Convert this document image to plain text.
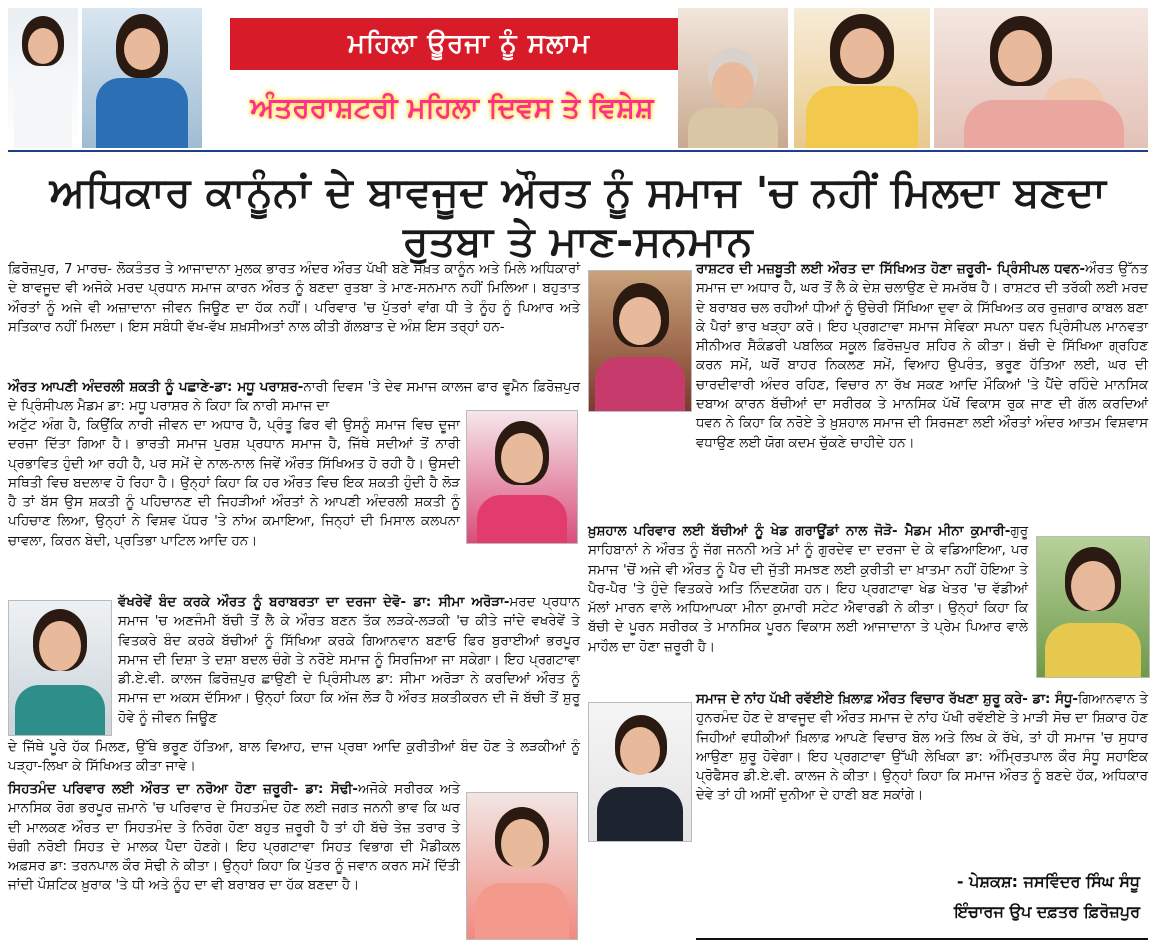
ਮਹਿਲਾ ਊਰਜਾ ਨੂੰ ਸਲਾਮ
ਅੰਤਰਰਾਸ਼ਟਰੀ ਮਹਿਲਾ ਦਿਵਸ ਤੇ ਵਿਸ਼ੇਸ਼
ਅਧਿਕਾਰ ਕਾਨੂੰਨਾਂ ਦੇ ਬਾਵਜੂਦ ਔਰਤ ਨੂੰ ਸਮਾਜ 'ਚ ਨਹੀਂ ਮਿਲਦਾ ਬਣਦਾ ਰੁਤਬਾ ਤੇ ਮਾਣ-ਸਨਮਾਨ

ਫ਼ਿਰੋਜ਼ਪੁਰ, 7 ਮਾਰਚ- ਲੋਕਤੰਤਰ ਤੇ ਆਜਾਦਾਨਾ ਮੁਲਕ ਭਾਰਤ ਅੰਦਰ ਔਰਤ ਪੱਖੀ ਬਣੇ ਸਖ਼ਤ ਕਾਨੂੰਨ ਅਤੇ ਮਿਲੇ ਅਧਿਕਾਰਾਂ ਦੇ ਬਾਵਜੂਦ ਵੀ ਅਜੋਕੇ ਮਰਦ ਪ੍ਰਧਾਨ ਸਮਾਜ ਕਾਰਨ ਔਰਤ ਨੂੰ ਬਣਦਾ ਰੁਤਬਾ ਤੇ ਮਾਣ-ਸਨਮਾਨ ਨਹੀਂ ਮਿਲਿਆ। ਬਹੁਤਾਤ ਔਰਤਾਂ ਨੂੰ ਅਜੇ ਵੀ ਅਜ਼ਾਦਾਨਾ ਜੀਵਨ ਜਿਊਣ ਦਾ ਹੱਕ ਨਹੀਂ। ਪਰਿਵਾਰ 'ਚ ਪੁੱਤਰਾਂ ਵਾਂਗ ਧੀ ਤੇ ਨੂੰਹ ਨੂੰ ਪਿਆਰ ਅਤੇ ਸਤਿਕਾਰ ਨਹੀਂ ਮਿਲਦਾ। ਇਸ ਸਬੰਧੀ ਵੱਖ-ਵੱਖ ਸ਼ਖ਼ਸੀਅਤਾਂ ਨਾਲ ਕੀਤੀ ਗੱਲਬਾਤ ਦੇ ਅੰਸ਼ ਇਸ ਤਰ੍ਹਾਂ ਹਨ-

ਔਰਤ ਆਪਣੀ ਅੰਦਰਲੀ ਸ਼ਕਤੀ ਨੂੰ ਪਛਾਣੇ-ਡਾ: ਮਧੂ ਪਰਾਸ਼ਰ-ਨਾਰੀ ਦਿਵਸ 'ਤੇ ਦੇਵ ਸਮਾਜ ਕਾਲਜ ਫਾਰ ਵੂਮੈਨ ਫ਼ਿਰੋਜ਼ਪੁਰ ਦੇ ਪ੍ਰਿੰਸੀਪਲ ਮੈਡਮ ਡਾ: ਮਧੂ ਪਰਾਸ਼ਰ ਨੇ ਕਿਹਾ ਕਿ ਨਾਰੀ ਸਮਾਜ ਦਾ

ਅਟੁੱਟ ਅੰਗ ਹੈ, ਕਿਉਂਕਿ ਨਾਰੀ ਜੀਵਨ ਦਾ ਅਧਾਰ ਹੈ, ਪ੍ਰੰਤੂ ਫਿਰ ਵੀ ਉਸਨੂੰ ਸਮਾਜ ਵਿਚ ਦੂਜਾ ਦਰਜਾ ਦਿੱਤਾ ਗਿਆ ਹੈ। ਭਾਰਤੀ ਸਮਾਜ ਪੁਰਸ਼ ਪ੍ਰਧਾਨ ਸਮਾਜ ਹੈ, ਜਿੱਥੇ ਸਦੀਆਂ ਤੋਂ ਨਾਰੀ ਪ੍ਰਭਾਵਿਤ ਹੁੰਦੀ ਆ ਰਹੀ ਹੈ, ਪਰ ਸਮੇਂ ਦੇ ਨਾਲ-ਨਾਲ ਜਿਵੇਂ ਔਰਤ ਸਿੱਖਿਅਤ ਹੋ ਰਹੀ ਹੈ। ਉਸਦੀ ਸਥਿਤੀ ਵਿਚ ਬਦਲਾਵ ਹੋ ਰਿਹਾ ਹੈ। ਉਨ੍ਹਾਂ ਕਿਹਾ ਕਿ ਹਰ ਔਰਤ ਵਿਚ ਇਕ ਸ਼ਕਤੀ ਹੁੰਦੀ ਹੈ ਲੋੜ ਹੈ ਤਾਂ ਬੱਸ ਉਸ ਸ਼ਕਤੀ ਨੂੰ ਪਹਿਚਾਨਣ ਦੀ ਜਿਹੜੀਆਂ ਔਰਤਾਂ ਨੇ ਆਪਣੀ ਅੰਦਰਲੀ ਸ਼ਕਤੀ ਨੂੰ ਪਹਿਚਾਣ ਲਿਆ, ਉਨ੍ਹਾਂ ਨੇ ਵਿਸ਼ਵ ਪੱਧਰ 'ਤੇ ਨਾਂਅ ਕਮਾਇਆ, ਜਿਨ੍ਹਾਂ ਦੀ ਮਿਸਾਲ ਕਲਪਨਾ ਚਾਵਲਾ, ਕਿਰਨ ਬੇਦੀ, ਪ੍ਰਤਿਭਾ ਪਾਟਿਲ ਆਦਿ ਹਨ।

ਵੱਖਰੇਵੇਂ ਬੰਦ ਕਰਕੇ ਔਰਤ ਨੂੰ ਬਰਾਬਰਤਾ ਦਾ ਦਰਜਾ ਦੇਵੋ- ਡਾ: ਸੀਮਾ ਅਰੋੜਾ-ਮਰਦ ਪ੍ਰਧਾਨ ਸਮਾਜ 'ਚ ਅਣਜੰਮੀ ਬੱਚੀ ਤੋਂ ਲੈ ਕੇ ਔਰਤ ਬਣਨ ਤੱਕ ਲੜਕੇ-ਲੜਕੀ 'ਚ ਕੀਤੇ ਜਾਂਦੇ ਵਖਰੇਵੇਂ ਤੇ ਵਿਤਕਰੇ ਬੰਦ ਕਰਕੇ ਬੱਚੀਆਂ ਨੂੰ ਸਿੱਖਿਆ ਕਰਕੇ ਗਿਆਨਵਾਨ ਬਣਾਓ ਫਿਰ ਬੁਰਾਈਆਂ ਭਰਪੂਰ ਸਮਾਜ ਦੀ ਦਿਸ਼ਾ ਤੇ ਦਸ਼ਾ ਬਦਲ ਚੰਗੇ ਤੇ ਨਰੋਏ ਸਮਾਜ ਨੂੰ ਸਿਰਜਿਆ ਜਾ ਸਕੇਗਾ। ਇਹ ਪ੍ਰਗਟਾਵਾ ਡੀ.ਏ.ਵੀ. ਕਾਲਜ ਫ਼ਿਰੋਜ਼ਪੁਰ ਛਾਉਣੀ ਦੇ ਪ੍ਰਿੰਸੀਪਲ ਡਾ: ਸੀਮਾ ਅਰੋੜਾ ਨੇ ਕਰਦਿਆਂ ਔਰਤ ਨੂੰ ਸਮਾਜ ਦਾ ਅਕਸ ਦੱਸਿਆ। ਉਨ੍ਹਾਂ ਕਿਹਾ ਕਿ ਅੱਜ ਲੋੜ ਹੈ ਔਰਤ ਸ਼ਕਤੀਕਰਨ ਦੀ ਜੋ ਬੱਚੀ ਤੋਂ ਸ਼ੁਰੂ ਹੋਵੇ ਨੂੰ ਜੀਵਨ ਜਿਊਣ

ਦੇ ਜਿੱਥੇ ਪੂਰੇ ਹੱਕ ਮਿਲਣ, ਉੱਥੇ ਭਰੂਣ ਹੱਤਿਆ, ਬਾਲ ਵਿਆਹ, ਦਾਜ ਪ੍ਰਥਾ ਆਦਿ ਕੁਰੀਤੀਆਂ ਬੰਦ ਹੋਣ ਤੇ ਲੜਕੀਆਂ ਨੂੰ ਪੜ੍ਹਾ-ਲਿਖਾ ਕੇ ਸਿੱਖਿਅਤ ਕੀਤਾ ਜਾਵੇ।

ਸਿਹਤਮੰਦ ਪਰਿਵਾਰ ਲਈ ਔਰਤ ਦਾ ਨਰੋਆ ਹੋਣਾ ਜ਼ਰੂਰੀ- ਡਾ: ਸੋਢੀ-ਅਜੋਕੇ ਸਰੀਰਕ ਅਤੇ ਮਾਨਸਿਕ ਰੋਗ ਭਰਪੂਰ ਜ਼ਮਾਨੇ 'ਚ ਪਰਿਵਾਰ ਦੇ ਸਿਹਤਮੰਦ ਹੋਣ ਲਈ ਜਗਤ ਜਨਨੀ ਭਾਵ ਕਿ ਘਰ ਦੀ ਮਾਲਕਣ ਔਰਤ ਦਾ ਸਿਹਤਮੰਦ ਤੇ ਨਿਰੋਗ ਹੋਣਾ ਬਹੁਤ ਜ਼ਰੂਰੀ ਹੈ ਤਾਂ ਹੀ ਬੱਚੇ ਤੇਜ਼ ਤਰਾਰ ਤੇ ਚੰਗੀ ਨਰੋਈ ਸਿਹਤ ਦੇ ਮਾਲਕ ਪੈਦਾ ਹੋਣਗੇ। ਇਹ ਪ੍ਰਗਟਾਵਾ ਸਿਹਤ ਵਿਭਾਗ ਦੀ ਮੈਡੀਕਲ ਅਫ਼ਸਰ ਡਾ: ਤਰਨਪਾਲ ਕੌਰ ਸੋਢੀ ਨੇ ਕੀਤਾ। ਉਨ੍ਹਾਂ ਕਿਹਾ ਕਿ ਪੁੱਤਰ ਨੂੰ ਜਵਾਨ ਕਰਨ ਸਮੇਂ ਦਿੱਤੀ ਜਾਂਦੀ ਪੌਸ਼ਟਿਕ ਖ਼ੁਰਾਕ 'ਤੇ ਧੀ ਅਤੇ ਨੂੰਹ ਦਾ ਵੀ ਬਰਾਬਰ ਦਾ ਹੱਕ ਬਣਦਾ ਹੈ।

ਰਾਸ਼ਟਰ ਦੀ ਮਜ਼ਬੂਤੀ ਲਈ ਔਰਤ ਦਾ ਸਿੱਖਿਅਤ ਹੋਣਾ ਜ਼ਰੂਰੀ- ਪ੍ਰਿੰਸੀਪਲ ਧਵਨ-ਔਰਤ ਉੱਨਤ ਸਮਾਜ ਦਾ ਅਧਾਰ ਹੈ, ਘਰ ਤੋਂ ਲੈ ਕੇ ਦੇਸ਼ ਚਲਾਉਣ ਦੇ ਸਮਰੱਥ ਹੈ। ਰਾਸ਼ਟਰ ਦੀ ਤਰੱਕੀ ਲਈ ਮਰਦ ਦੇ ਬਰਾਬਰ ਚਲ ਰਹੀਆਂ ਧੀਆਂ ਨੂੰ ਉਚੇਰੀ ਸਿੱਖਿਆ ਦੁਵਾ ਕੇ ਸਿੱਖਿਅਤ ਕਰ ਰੁਜ਼ਗਾਰ ਕਾਬਲ ਬਣਾ ਕੇ ਪੈਰਾਂ ਭਾਰ ਖੜ੍ਹਾ ਕਰੋ। ਇਹ ਪ੍ਰਗਟਾਵਾ ਸਮਾਜ ਸੇਵਿਕਾ ਸਪਨਾ ਧਵਨ ਪ੍ਰਿੰਸੀਪਲ ਮਾਨਵਤਾ ਸੀਨੀਅਰ ਸੈਕੰਡਰੀ ਪਬਲਿਕ ਸਕੂਲ ਫ਼ਿਰੋਜ਼ਪੁਰ ਸ਼ਹਿਰ ਨੇ ਕੀਤਾ। ਬੱਚੀ ਦੇ ਸਿੱਖਿਆ ਗ੍ਰਹਿਣ ਕਰਨ ਸਮੇਂ, ਘਰੋਂ ਬਾਹਰ ਨਿਕਲਣ ਸਮੇਂ, ਵਿਆਹ ਉਪਰੰਤ, ਭਰੂਣ ਹੱਤਿਆ ਲਈ, ਘਰ ਦੀ ਚਾਰਦੀਵਾਰੀ ਅੰਦਰ ਰਹਿਣ, ਵਿਚਾਰ ਨਾ ਰੱਖ ਸਕਣ ਆਦਿ ਮੌਕਿਆਂ 'ਤੇ ਪੈਂਦੇ ਰਹਿੰਦੇ ਮਾਨਸਿਕ ਦਬਾਅ ਕਾਰਨ ਬੱਚੀਆਂ ਦਾ ਸਰੀਰਕ ਤੇ ਮਾਨਸਿਕ ਪੱਖੋਂ ਵਿਕਾਸ ਰੁਕ ਜਾਣ ਦੀ ਗੱਲ ਕਰਦਿਆਂ ਧਵਨ ਨੇ ਕਿਹਾ ਕਿ ਨਰੋਏ ਤੇ ਖ਼ੁਸ਼ਹਾਲ ਸਮਾਜ ਦੀ ਸਿਰਜਣਾ ਲਈ ਔਰਤਾਂ ਅੰਦਰ ਆਤਮ ਵਿਸ਼ਵਾਸ ਵਧਾਉਣ ਲਈ ਯੋਗ ਕਦਮ ਚੁੱਕਣੇ ਚਾਹੀਦੇ ਹਨ।

ਖ਼ੁਸ਼ਹਾਲ ਪਰਿਵਾਰ ਲਈ ਬੱਚੀਆਂ ਨੂੰ ਖੇਡ ਗਰਾਊਂਡਾਂ ਨਾਲ ਜੋੜੋ- ਮੈਡਮ ਮੀਨਾ ਕੁਮਾਰੀ-ਗੁਰੂ ਸਾਹਿਬਾਨਾਂ ਨੇ ਔਰਤ ਨੂੰ ਜੱਗ ਜਨਨੀ ਅਤੇ ਮਾਂ ਨੂੰ ਗੁਰਦੇਵ ਦਾ ਦਰਜਾ ਦੇ ਕੇ ਵਡਿਆਇਆ, ਪਰ ਸਮਾਜ 'ਚੋਂ ਅਜੇ ਵੀ ਔਰਤ ਨੂੰ ਪੈਰ ਦੀ ਜੁੱਤੀ ਸਮਝਣ ਲਈ ਕੁਰੀਤੀ ਦਾ ਖ਼ਾਤਮਾ ਨਹੀਂ ਹੋਇਆ ਤੇ ਪੈਰ-ਪੈਰ 'ਤੇ ਹੁੰਦੇ ਵਿਤਕਰੇ ਅਤਿ ਨਿੰਦਣਯੋਗ ਹਨ। ਇਹ ਪ੍ਰਗਟਾਵਾ ਖੇਡ ਖੇਤਰ 'ਚ ਵੱਡੀਆਂ ਮੱਲਾਂ ਮਾਰਨ ਵਾਲੇ ਅਧਿਆਪਕਾ ਮੀਨਾ ਕੁਮਾਰੀ ਸਟੇਟ ਐਵਾਰਡੀ ਨੇ ਕੀਤਾ। ਉਨ੍ਹਾਂ ਕਿਹਾ ਕਿ ਬੱਚੀ ਦੇ ਪੂਰਨ ਸਰੀਰਕ ਤੇ ਮਾਨਸਿਕ ਪੂਰਨ ਵਿਕਾਸ ਲਈ ਆਜਾਦਾਨਾ ਤੇ ਪ੍ਰੇਮ ਪਿਆਰ ਵਾਲੇ ਮਾਹੌਲ ਦਾ ਹੋਣਾ ਜ਼ਰੂਰੀ ਹੈ।

ਸਮਾਜ ਦੇ ਨਾਂਹ ਪੱਖੀ ਰਵੱਈਏ ਖ਼ਿਲਾਫ਼ ਔਰਤ ਵਿਚਾਰ ਰੱਖਣਾ ਸ਼ੁਰੂ ਕਰੇ- ਡਾ: ਸੰਧੂ-ਗਿਆਨਵਾਨ ਤੇ ਹੁਨਰਮੰਦ ਹੋਣ ਦੇ ਬਾਵਜੂਦ ਵੀ ਔਰਤ ਸਮਾਜ ਦੇ ਨਾਂਹ ਪੱਖੀ ਰਵੱਈਏ ਤੇ ਮਾੜੀ ਸੋਚ ਦਾ ਸ਼ਿਕਾਰ ਹੋਣ ਜਿਹੀਆਂ ਵਧੀਕੀਆਂ ਖ਼ਿਲਾਫ਼ ਆਪਣੇ ਵਿਚਾਰ ਬੋਲ ਅਤੇ ਲਿਖ ਕੇ ਰੱਖੇ, ਤਾਂ ਹੀ ਸਮਾਜ 'ਚ ਸੁਧਾਰ ਆਉਣਾ ਸ਼ੁਰੂ ਹੋਵੇਗਾ। ਇਹ ਪ੍ਰਗਟਾਵਾ ਉੱਘੀ ਲੇਖਿਕਾ ਡਾ: ਅੰਮ੍ਰਿਤਪਾਲ ਕੌਰ ਸੰਧੂ ਸਹਾਇਕ ਪ੍ਰੋਫੈਸਰ ਡੀ.ਏ.ਵੀ. ਕਾਲਜ ਨੇ ਕੀਤਾ। ਉਨ੍ਹਾਂ ਕਿਹਾ ਕਿ ਸਮਾਜ ਔਰਤ ਨੂੰ ਬਣਦੇ ਹੱਕ, ਅਧਿਕਾਰ ਦੇਵੇ ਤਾਂ ਹੀ ਅਸੀਂ ਦੁਨੀਆ ਦੇ ਹਾਣੀ ਬਣ ਸਕਾਂਗੇ।

- ਪੇਸ਼ਕਸ਼: ਜਸਵਿੰਦਰ ਸਿੰਘ ਸੰਧੂ
ਇੰਚਾਰਜ ਉਪ ਦਫ਼ਤਰ ਫ਼ਿਰੋਜ਼ਪੁਰ
